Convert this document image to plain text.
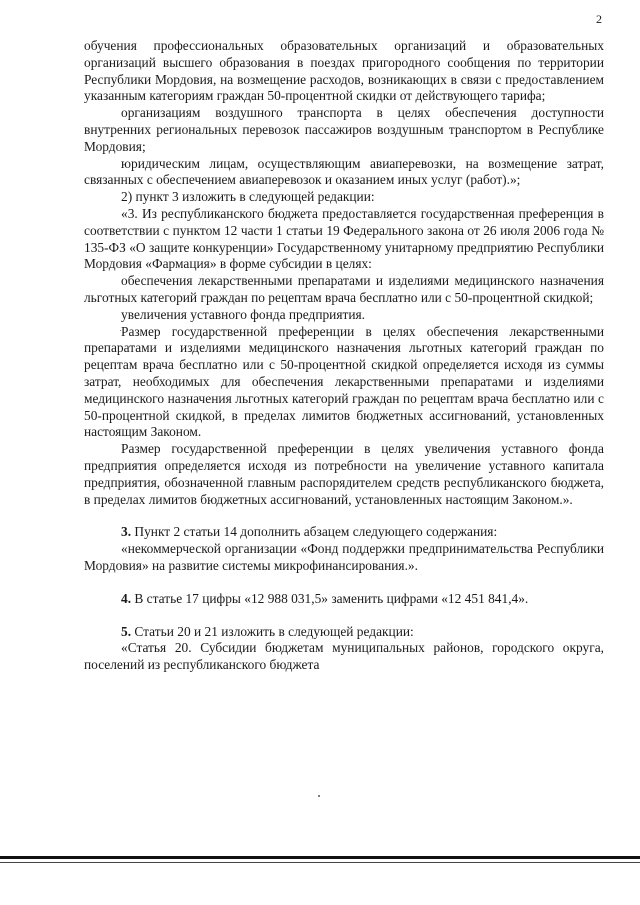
2

обучения профессиональных образовательных организаций и образовательных организаций высшего образования в поездах пригородного сообщения по территории Республики Мордовия, на возмещение расходов, возникающих в связи с предоставлением указанным категориям граждан 50-процентной скидки от действующего тарифа;

организациям воздушного транспорта в целях обеспечения доступности внутренних региональных перевозок пассажиров воздушным транспортом в Республике Мордовия;

юридическим лицам, осуществляющим авиаперевозки, на возмещение затрат, связанных с обеспечением авиаперевозок и оказанием иных услуг (работ).»;

2) пункт 3 изложить в следующей редакции:

«3. Из республиканского бюджета предоставляется государственная преференция в соответствии с пунктом 12 части 1 статьи 19 Федерального закона от 26 июля 2006 года № 135-ФЗ «О защите конкуренции» Государственному унитарному предприятию Республики Мордовия «Фармация» в форме субсидии в целях:

обеспечения лекарственными препаратами и изделиями медицинского назначения льготных категорий граждан по рецептам врача бесплатно или с 50-процентной скидкой;

увеличения уставного фонда предприятия.

Размер государственной преференции в целях обеспечения лекарственными препаратами и изделиями медицинского назначения льготных категорий граждан по рецептам врача бесплатно или с 50-процентной скидкой определяется исходя из суммы затрат, необходимых для обеспечения лекарственными препаратами и изделиями медицинского назначения льготных категорий граждан по рецептам врача бесплатно или с 50-процентной скидкой, в пределах лимитов бюджетных ассигнований, установленных настоящим Законом.

Размер государственной преференции в целях увеличения уставного фонда предприятия определяется исходя из потребности на увеличение уставного капитала предприятия, обозначенной главным распорядителем средств республиканского бюджета, в пределах лимитов бюджетных ассигнований, установленных настоящим Законом.».

3. Пункт 2 статьи 14 дополнить абзацем следующего содержания:

«некоммерческой организации «Фонд поддержки предпринимательства Республики Мордовия» на развитие системы микрофинансирования.».

4. В статье 17 цифры «12 988 031,5» заменить цифрами «12 451 841,4».

5. Статьи 20 и 21 изложить в следующей редакции:

«Статья 20. Субсидии бюджетам муниципальных районов, городского округа, поселений из республиканского бюджета
